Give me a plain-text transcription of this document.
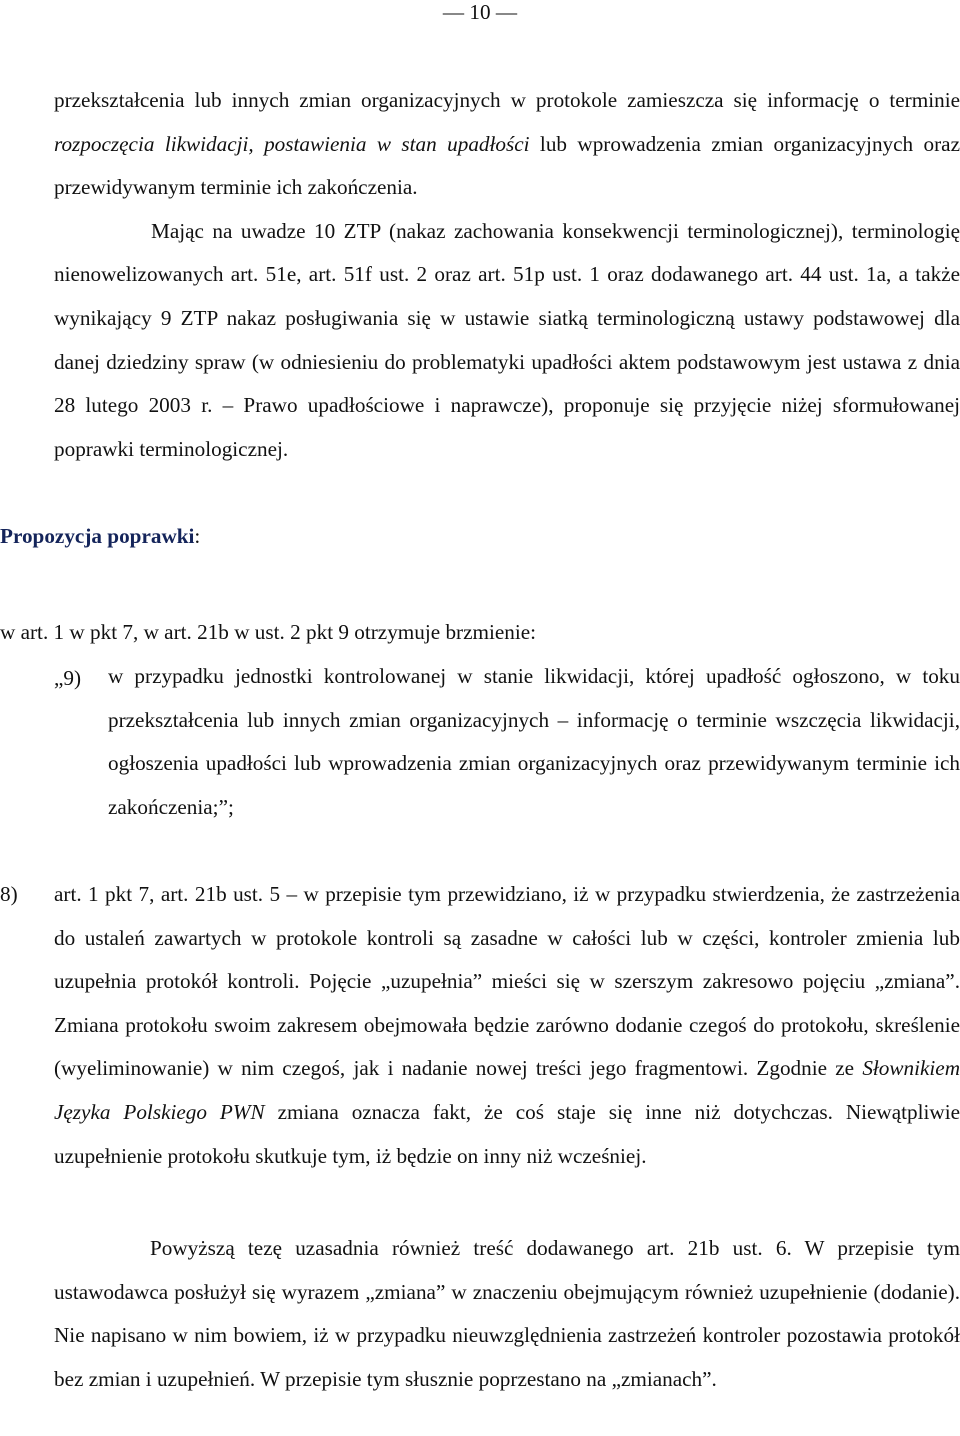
— 10 —

przekształcenia lub innych zmian organizacyjnych w protokole zamieszcza się informację o terminie rozpoczęcia likwidacji, postawienia w stan upadłości lub wprowadzenia zmian organizacyjnych oraz przewidywanym terminie ich zakończenia.
Mając na uwadze 10 ZTP (nakaz zachowania konsekwencji terminologicznej), terminologię nienowelizowanych art. 51e, art. 51f ust. 2 oraz art. 51p ust. 1 oraz dodawanego art. 44 ust. 1a, a także wynikający 9 ZTP nakaz posługiwania się w ustawie siatką terminologiczną ustawy podstawowej dla danej dziedziny spraw (w odniesieniu do problematyki upadłości aktem podstawowym jest ustawa z dnia 28 lutego 2003 r. – Prawo upadłościowe i naprawcze), proponuje się przyjęcie niżej sformułowanej poprawki terminologicznej.

Propozycja poprawki:

w art. 1 w pkt 7, w art. 21b w ust. 2 pkt 9 otrzymuje brzmienie:

„9) w przypadku jednostki kontrolowanej w stanie likwidacji, której upadłość ogłoszono, w toku przekształcenia lub innych zmian organizacyjnych – informację o terminie wszczęcia likwidacji, ogłoszenia upadłości lub wprowadzenia zmian organizacyjnych oraz przewidywanym terminie ich zakończenia;”;

8) art. 1 pkt 7, art. 21b ust. 5 – w przepisie tym przewidziano, iż w przypadku stwierdzenia, że zastrzeżenia do ustaleń zawartych w protokole kontroli są zasadne w całości lub w części, kontroler zmienia lub uzupełnia protokół kontroli. Pojęcie „uzupełnia” mieści się w szerszym zakresowo pojęciu „zmiana”. Zmiana protokołu swoim zakresem obejmowała będzie zarówno dodanie czegoś do protokołu, skreślenie (wyeliminowanie) w nim czegoś, jak i nadanie nowej treści jego fragmentowi. Zgodnie ze Słownikiem Języka Polskiego PWN zmiana oznacza fakt, że coś staje się inne niż dotychczas. Niewątpliwie uzupełnienie protokołu skutkuje tym, iż będzie on inny niż wcześniej.

Powyższą tezę uzasadnia również treść dodawanego art. 21b ust. 6. W przepisie tym ustawodawca posłużył się wyrazem „zmiana” w znaczeniu obejmującym również uzupełnienie (dodanie). Nie napisano w nim bowiem, iż w przypadku nieuwzględnienia zastrzeżeń kontroler pozostawia protokół bez zmian i uzupełnień. W przepisie tym słusznie poprzestano na „zmianach”.
